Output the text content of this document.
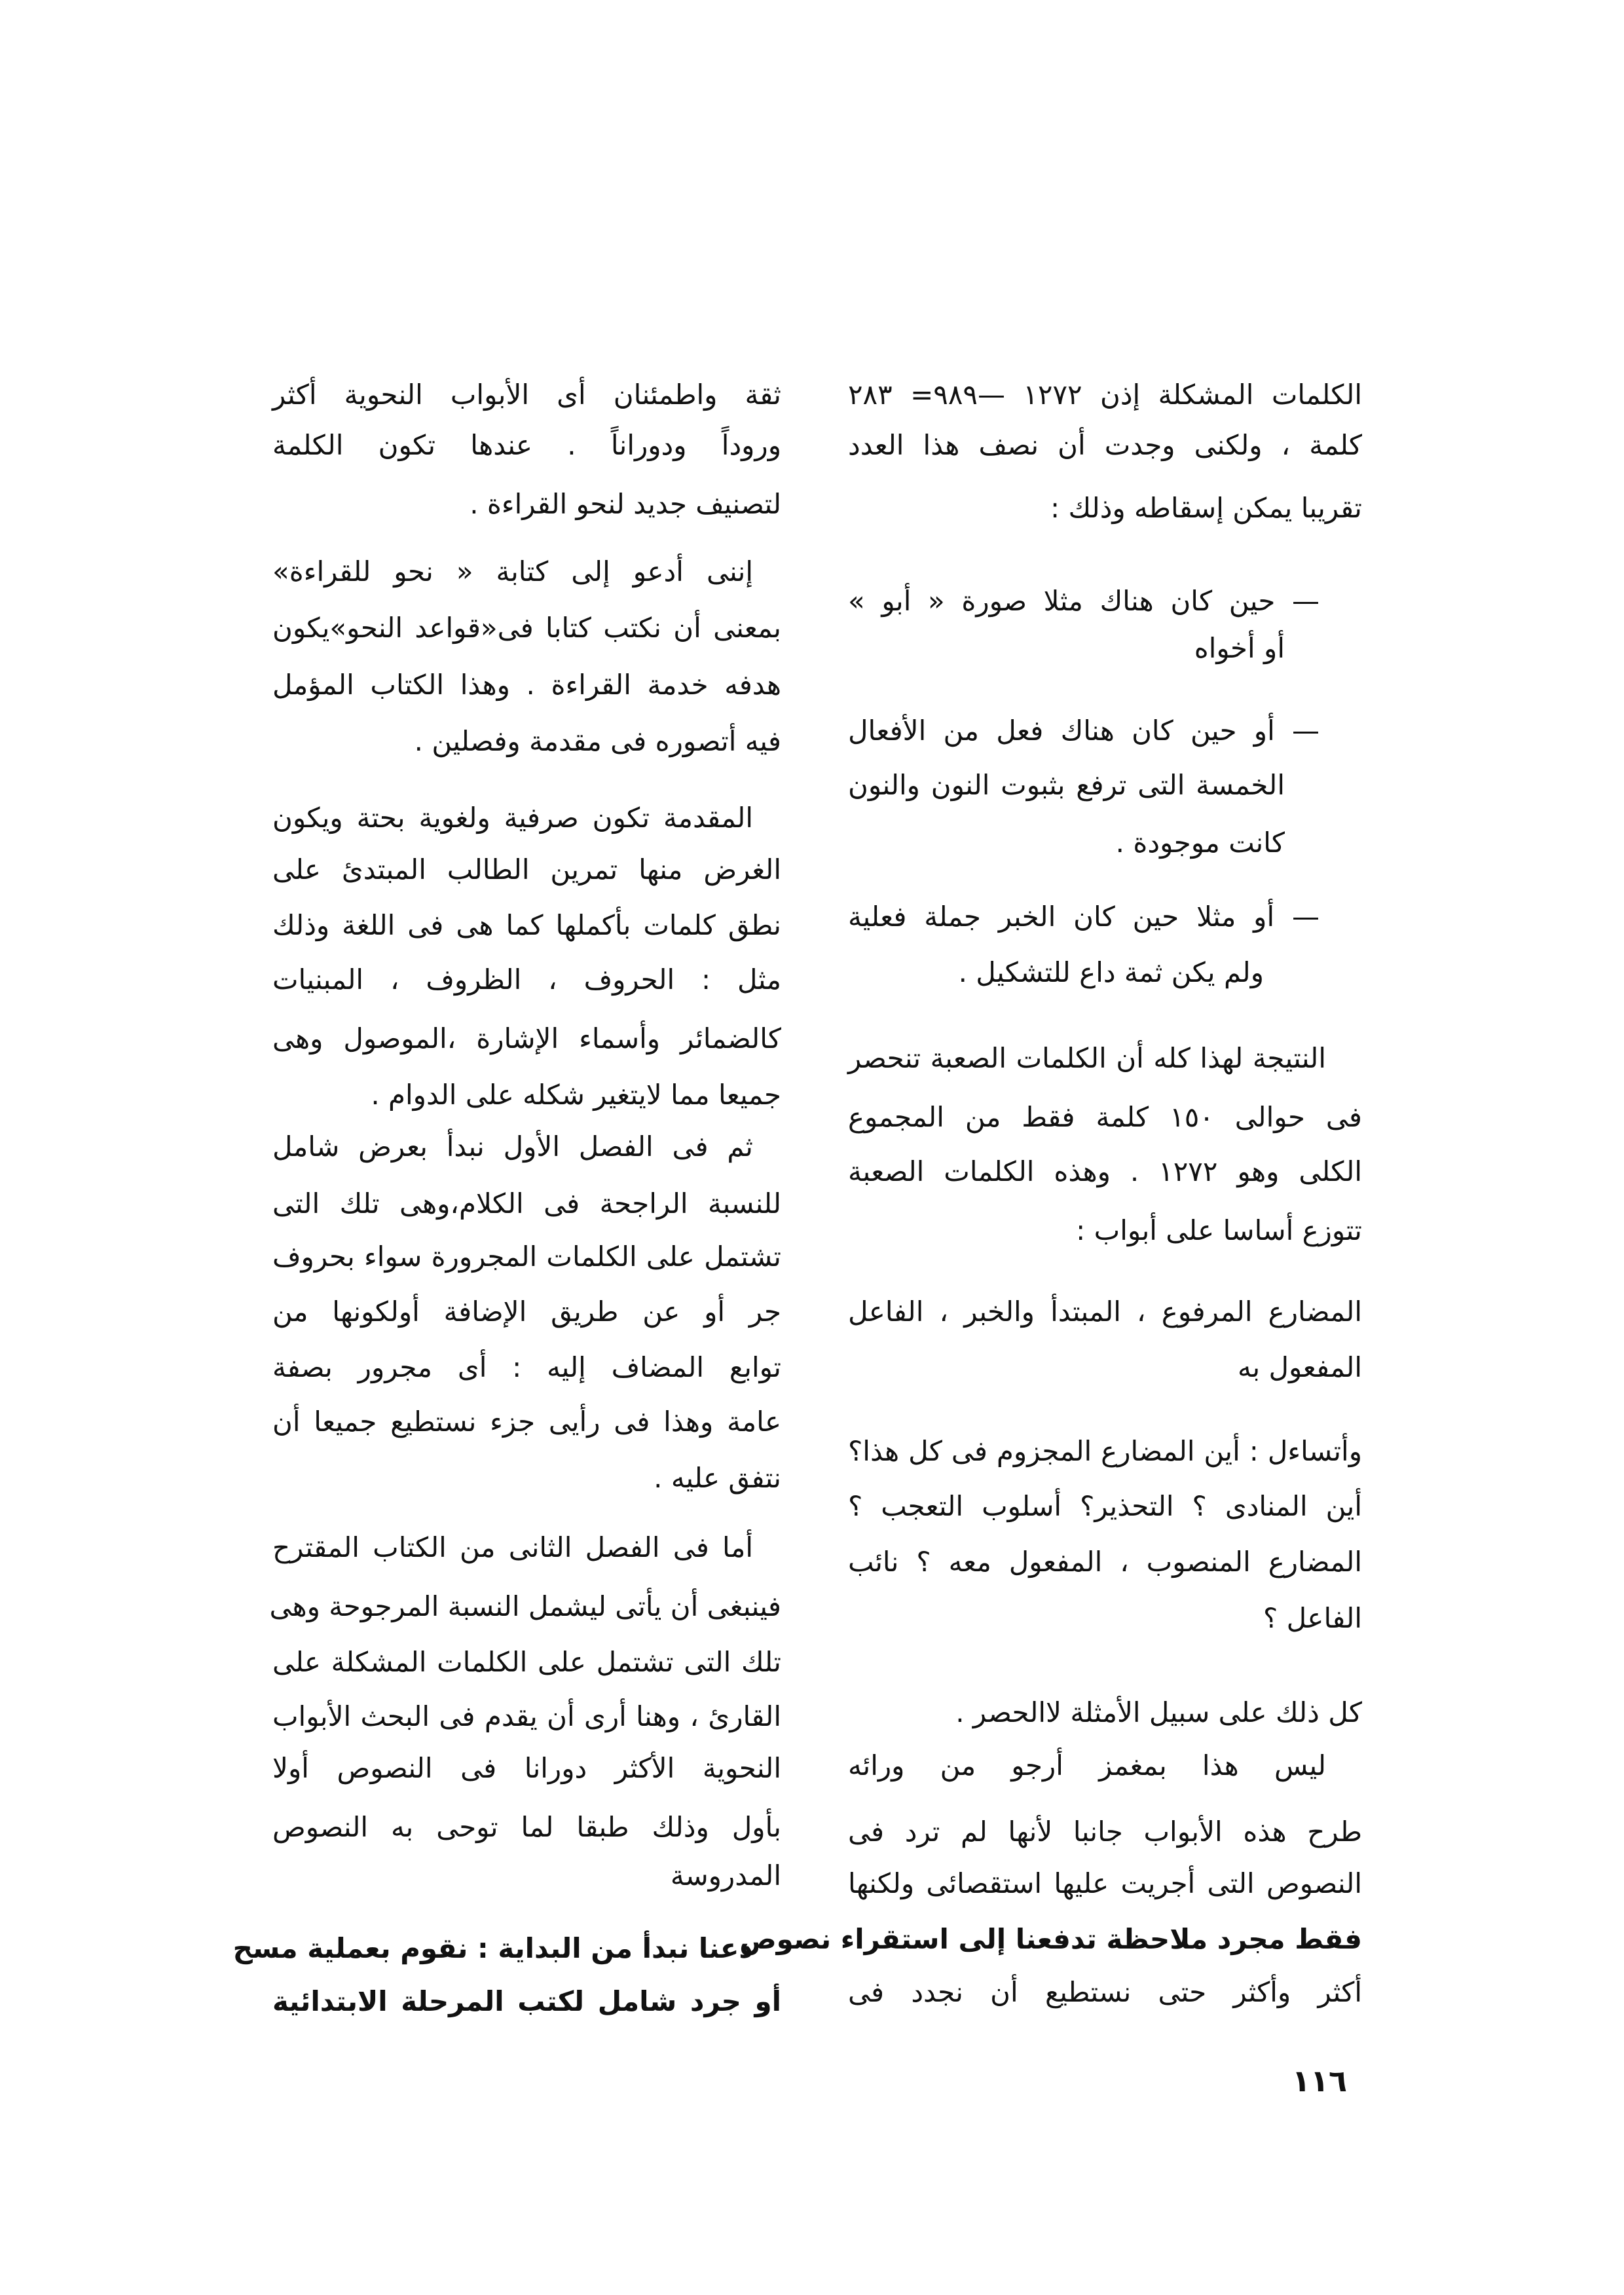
الكلمات المشكلة إذن ١٢٧٢ —٩٨٩= ٢٨٣
كلمة ، ولكنى وجدت أن نصف هذا العدد
تقريبا يمكن إسقاطه وذلك :
— حين كان هناك مثلا صورة « أبو »
أو أخواه
— أو حين كان هناك فعل من الأفعال
الخمسة التى ترفع بثبوت النون والنون
كانت موجودة .
— أو مثلا حين كان الخبر جملة فعلية
ولم يكن ثمة داع للتشكيل .
النتيجة لهذا كله أن الكلمات الصعبة تنحصر
فى حوالى ١٥٠ كلمة فقط من المجموع
الكلى وهو ١٢٧٢ . وهذه الكلمات الصعبة
تتوزع أساسا على أبواب :
المضارع المرفوع ، المبتدأ والخبر ، الفاعل
المفعول به
وأتساءل : أين المضارع المجزوم فى كل هذا؟
أين المنادى ؟ التحذير؟ أسلوب التعجب ؟
المضارع المنصوب ، المفعول معه ؟ نائب
الفاعل ؟
كل ذلك على سبيل الأمثلة لاالحصر .
ليس هذا بمغمز أرجو من ورائه
طرح هذه الأبواب جانبا لأنها لم ترد فى
النصوص التى أجريت عليها استقصائى ولكنها
فقط مجرد ملاحظة تدفعنا إلى استقراء نصوص
أكثر وأكثر حتى نستطيع أن نجدد فى
ثقة واطمئنان أى الأبواب النحوية أكثر
وروداً ودوراناً . عندها تكون الكلمة
لتصنيف جديد لنحو القراءة .
إننى أدعو إلى كتابة « نحو للقراءة»
بمعنى أن نكتب كتابا فى«قواعد النحو»يكون
هدفه خدمة القراءة . وهذا الكتاب المؤمل
فيه أتصوره فى مقدمة وفصلين .
المقدمة تكون صرفية ولغوية بحتة ويكون
الغرض منها تمرين الطالب المبتدئ على
نطق كلمات بأكملها كما هى فى اللغة وذلك
مثل : الحروف ، الظروف ، المبنيات
كالضمائر وأسماء الإشارة ،الموصول وهى
جميعا مما لايتغير شكله على الدوام .
ثم فى الفصل الأول نبدأ بعرض شامل
للنسبة الراجحة فى الكلام،وهى تلك التى
تشتمل على الكلمات المجرورة سواء بحروف
جر أو عن طريق الإضافة أولكونها من
توابع المضاف إليه : أى مجرور بصفة
عامة وهذا فى رأيى جزء نستطيع جميعا أن
نتفق عليه .
أما فى الفصل الثانى من الكتاب المقترح
فينبغى أن يأتى ليشمل النسبة المرجوحة وهى
تلك التى تشتمل على الكلمات المشكلة على
القارئ ، وهنا أرى أن يقدم فى البحث الأبواب
النحوية الأكثر دورانا فى النصوص أولا
بأول وذلك طبقا لما توحى به النصوص
المدروسة
دعنا نبدأ من البداية : نقوم بعملية مسح
أو جرد شامل لكتب المرحلة الابتدائية
١١٦
